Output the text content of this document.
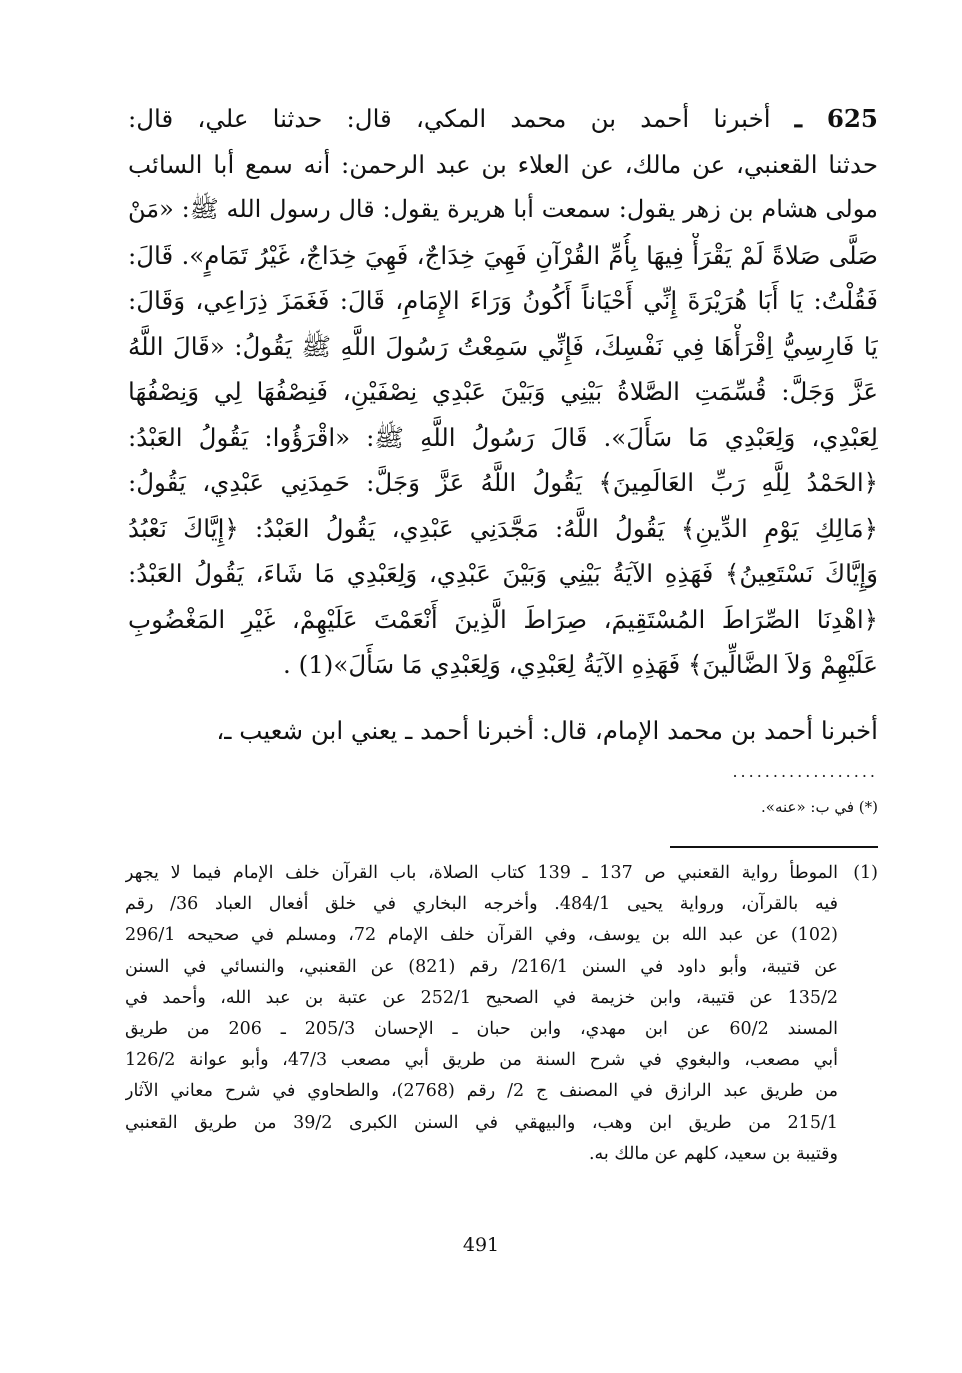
625 ـ أخبرنا أحمد بن محمد المكي، قال: حدثنا علي، قال:
حدثنا القعنبي، عن مالك، عن العلاء بن عبد الرحمن: أنه سمع أبا السائب
مولى هشام بن زهر يقول: سمعت أبا هريرة يقول: قال رسول الله ﷺ: «مَنْ
صَلَّى صَلاةً لَمْ يَقْرَأْ فِيهَا بِأُمِّ القُرْآنِ فَهِيَ خِدَاجٌ، فَهِيَ خِدَاجٌ، غَيْرُ تَمَامٍ». قَالَ:
فَقُلْتُ: يَا أَبَا هُرَيْرَةَ إِنِّي أَحْيَاناً أَكُونُ وَرَاءَ الإِمَامِ، قَالَ: فَغَمَزَ ذِرَاعِي، وَقَالَ:
يَا فَارِسِيُّ اِقْرَأْهَا فِي نَفْسِكَ، فَإِنِّي سَمِعْتُ رَسُولَ اللَّهِ ﷺ يَقُولُ: «قَالَ اللَّهُ
عَزَّ وَجَلَّ: قُسِّمَتِ الصَّلاةُ بَيْنِي وَبَيْنَ عَبْدِي نِصْفَيْنِ، فَنِصْفُهَا لِي وَنِصْفُهَا
لِعَبْدِي، وَلِعَبْدِي مَا سَأَلَ». قَالَ رَسُولُ اللَّهِ ﷺ: «اقْرَؤُوا: يَقُولُ العَبْدُ:
﴿الحَمْدُ لِلَّهِ رَبِّ العَالَمِينَ﴾ يَقُولُ اللَّهُ عَزَّ وَجَلَّ: حَمِدَنِي عَبْدِي، يَقُولُ:
﴿مَالِكِ يَوْمِ الدِّينِ﴾ يَقُولُ اللَّهُ: مَجَّدَنِي عَبْدِي، يَقُولُ العَبْدُ: ﴿إِيَّاكَ نَعْبُدُ
وَإِيَّاكَ نَسْتَعِينُ﴾ فَهَذِهِ الآيَةُ بَيْنِي وَبَيْنَ عَبْدِي، وَلِعَبْدِي مَا شَاءَ، يَقُولُ العَبْدُ:
﴿اهْدِنَا الصِّرَاطَ المُسْتَقِيمَ، صِرَاطَ الَّذِينَ أَنْعَمْتَ عَلَيْهِمْ، غَيْرِ المَغْضُوبِ
عَلَيْهِمْ وَلاَ الضَّالِّينَ﴾ فَهَذِهِ الآيَةُ لِعَبْدِي، وَلِعَبْدِي مَا سَأَلَ»(1) .
أخبرنا أحمد بن محمد الإمام، قال: أخبرنا أحمد ـ يعني ابن شعيب ـ،
..................
(*) في ب: «عنه».
(1)
الموطأ رواية القعنبي ص 137 ـ 139 كتاب الصلاة، باب القرآن خلف الإمام فيما لا يجهر
فيه بالقرآن، ورواية يحيى 484/1. وأخرجه البخاري في خلق أفعال العباد 36/ رقم
(102) عن عبد الله بن يوسف، وفي القرآن خلف الإمام 72، ومسلم في صحيحه 296/1
عن قتيبة، وأبو داود في السنن 216/1/ رقم (821) عن القعنبي، والنسائي في السنن
135/2 عن قتيبة، وابن خزيمة في الصحيح 252/1 عن عتبة بن عبد الله، وأحمد في
المسند 60/2 عن ابن مهدي، وابن حبان ـ الإحسان 205/3 ـ 206 من طريق
أبي مصعب، والبغوي في شرح السنة من طريق أبي مصعب 47/3، وأبو عوانة 126/2
من طريق عبد الرازق في المصنف ج 2/ رقم (2768)، والطحاوي في شرح معاني الآثار
215/1 من طريق ابن وهب، والبيهقي في السنن الكبرى 39/2 من طريق القعنبي
وقتيبة بن سعيد، كلهم عن مالك به.
491
